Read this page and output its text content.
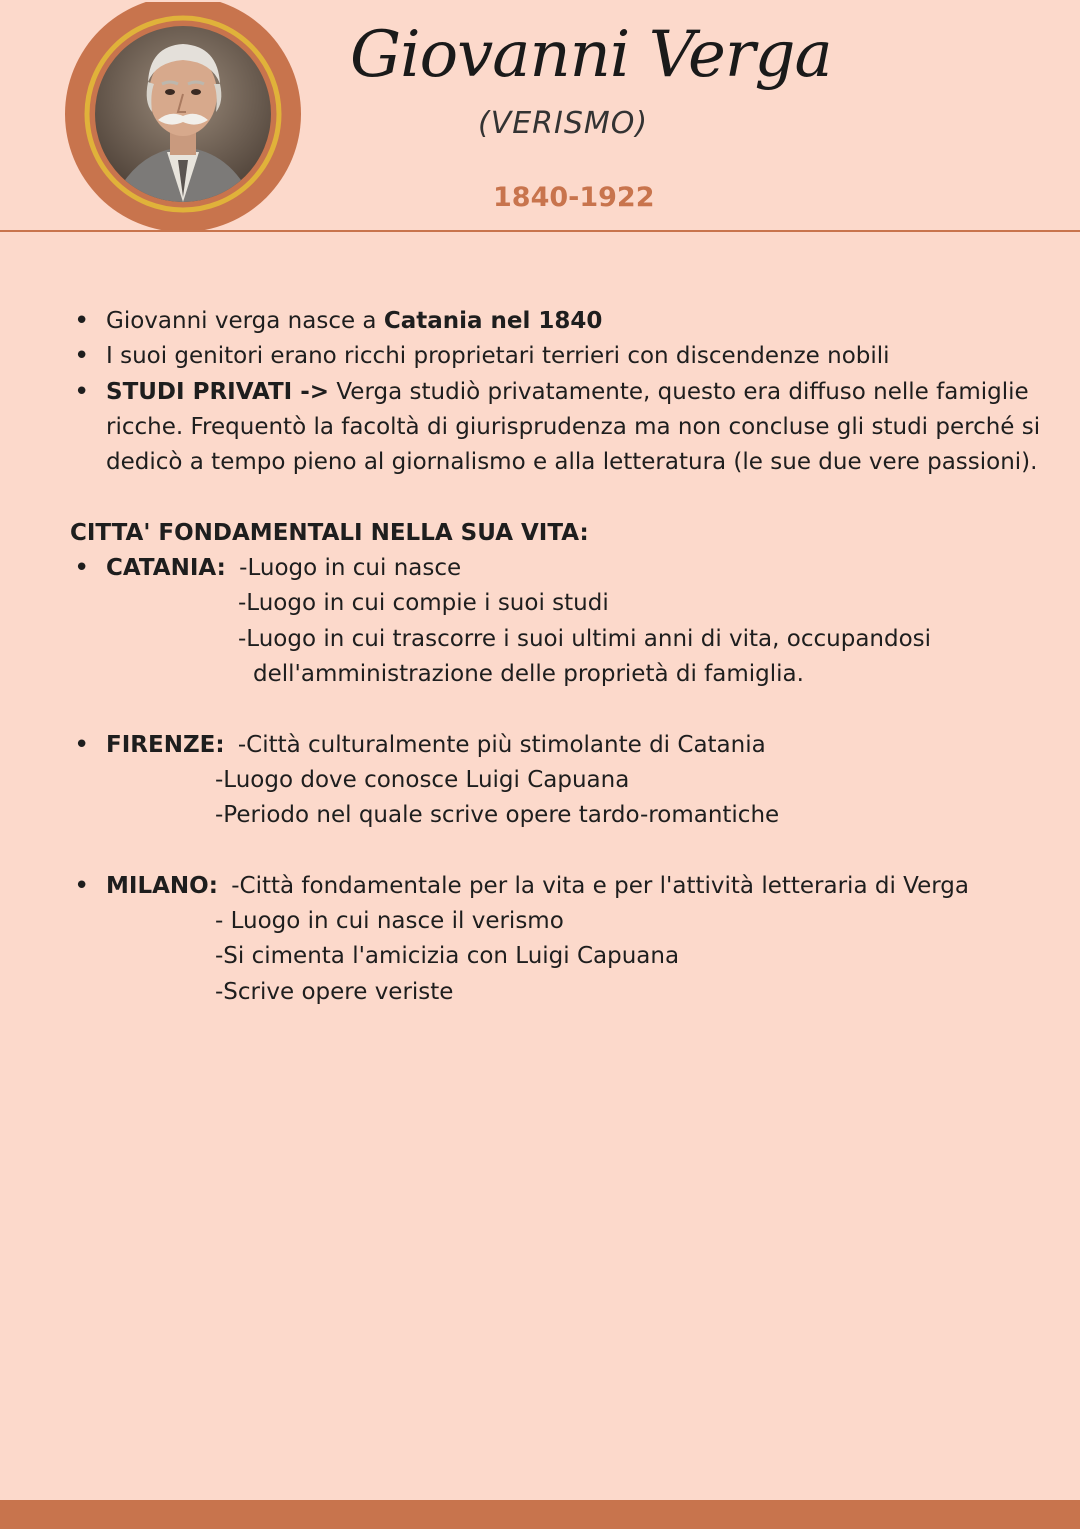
Giovanni Verga
(VERISMO)
1840-1922
• Giovanni verga nasce a Catania nel 1840
• I suoi genitori erano ricchi proprietari terrieri con discendenze nobili
• STUDI PRIVATI -> Verga studiò privatamente, questo era diffuso nelle famiglie ricche. Frequentò la facoltà di giurisprudenza ma non concluse gli studi perché si dedicò a tempo pieno al giornalismo e alla letteratura (le sue due vere passioni).

CITTA' FONDAMENTALI NELLA SUA VITA:

• CATANIA: -Luogo in cui nasce
-Luogo in cui compie i suoi studi
-Luogo in cui trascorre i suoi ultimi anni di vita, occupandosi dell'amministrazione delle proprietà di famiglia.
• FIRENZE: -Città culturalmente più stimolante di Catania
-Luogo dove conosce Luigi Capuana
-Periodo nel quale scrive opere tardo-romantiche
• MILANO: -Città fondamentale per la vita e per l'attività letteraria di Verga
- Luogo in cui nasce il verismo
-Si cimenta l'amicizia con Luigi Capuana
-Scrive opere veriste
